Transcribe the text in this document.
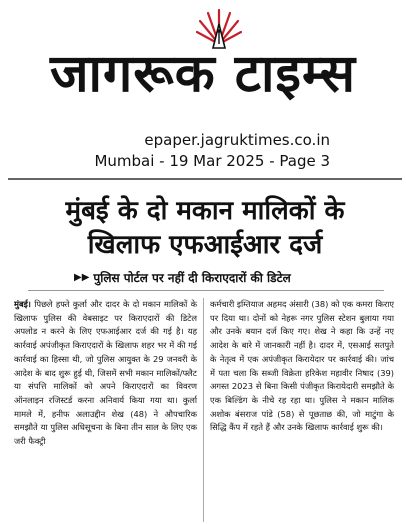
जागरूक टाइम्स
epaper.jagruktimes.co.in
Mumbai - 19 Mar 2025 - Page 3
मुंबई के दो मकान मालिकों के
खिलाफ एफआईआर दर्ज
▶▶ पुलिस पोर्टल पर नहीं दी किराएदारों की डिटेल

मुंबई। पिछले हफ्ते कुर्ला और दादर के दो मकान मालिकों के खिलाफ पुलिस की वेबसाइट पर किराएदारों की डिटेल अपलोड न करने के लिए एफआईआर दर्ज की गई है। यह कार्रवाई अपंजीकृत किराएदारों के खिलाफ शहर भर में की गई कार्रवाई का हिस्सा थी, जो पुलिस आयुक्त के 29 जनवरी के आदेश के बाद शुरू हुई थी, जिसमें सभी मकान मालिकों/फ्लैट या संपत्ति मालिकों को अपने किराएदारों का विवरण ऑनलाइन रजिस्टर्ड करना अनिवार्य किया गया था। कुर्ला मामले में, हनीफ अलाउद्दीन शेख (48) ने औपचारिक समझौते या पुलिस अधिसूचना के बिना तीन साल के लिए एक जरी फैक्ट्री

कर्मचारी इम्तियाज अहमद अंसारी (38) को एक कमरा किराए पर दिया था। दोनों को नेहरू नगर पुलिस स्टेशन बुलाया गया और उनके बयान दर्ज किए गए। शेख ने कहा कि उन्हें नए आदेश के बारे में जानकारी नहीं है। दादर में, एसआई सतपुते के नेतृत्व में एक अपंजीकृत किरायेदार पर कार्रवाई की। जांच में पता चला कि सब्जी विक्रेता हरिकेश महावीर निषाद (39) अगस्त 2023 से बिना किसी पंजीकृत किरायेदारी समझौते के एक बिल्डिंग के नीचे रह रहा था। पुलिस ने मकान मालिक अशोक बंसराज पांडे (58) से पूछताछ की, जो माटुंगा के सिद्धि कैंप में रहते हैं और उनके खिलाफ कार्रवाई शुरू की।
